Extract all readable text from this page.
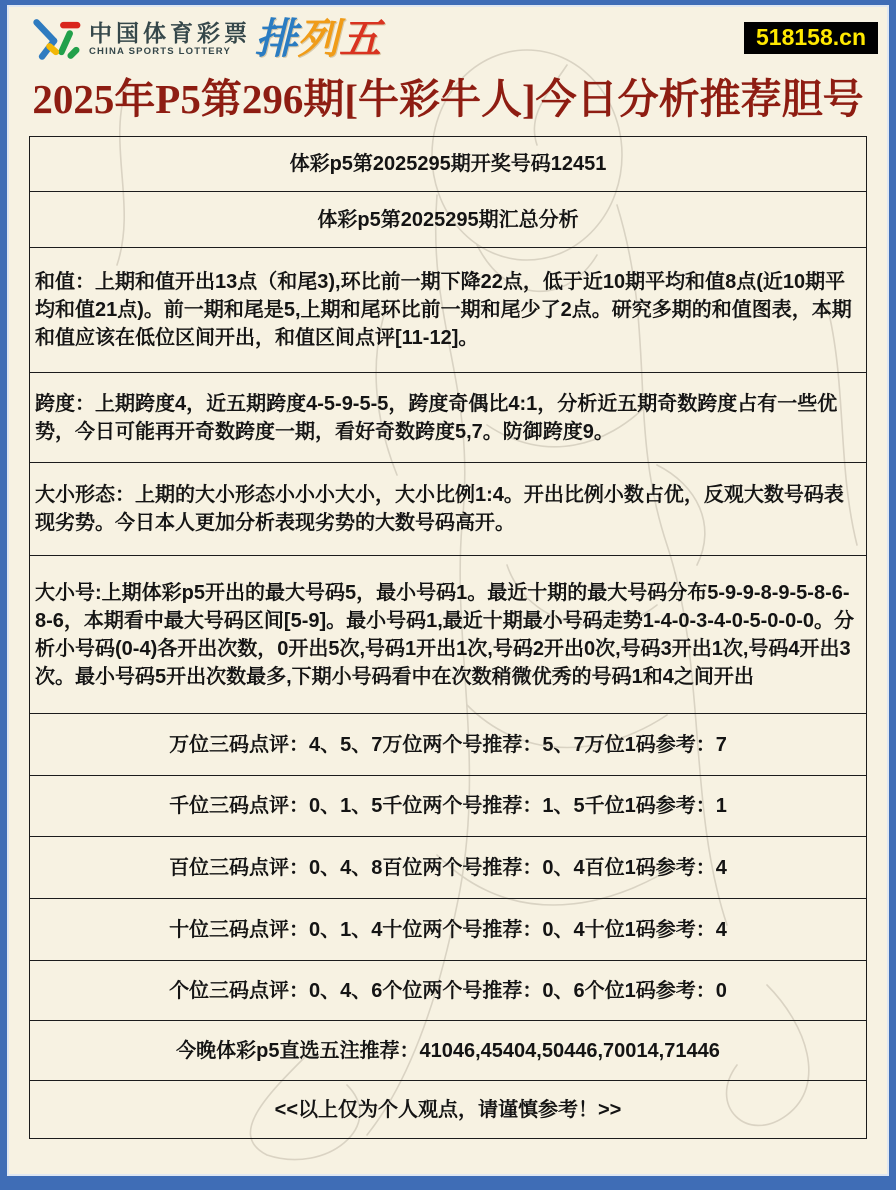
中国体育彩票
CHINA SPORTS LOTTERY 排列五	518158.cn
2025年P5第296期[牛彩牛人]今日分析推荐胆号
体彩p5第2025295期开奖号码12451
体彩p5第2025295期汇总分析
和值：上期和值开出13点（和尾3),环比前一期下降22点，低于近10期平均和值8点(近10期平均和值21点)。前一期和尾是5,上期和尾环比前一期和尾少了2点。研究多期的和值图表，本期和值应该在低位区间开出，和值区间点评[11-12]。
跨度：上期跨度4，近五期跨度4-5-9-5-5，跨度奇偶比4:1，分析近五期奇数跨度占有一些优势，今日可能再开奇数跨度一期，看好奇数跨度5,7。防御跨度9。
大小形态：上期的大小形态小小小大小，大小比例1:4。开出比例小数占优，反观大数号码表现劣势。今日本人更加分析表现劣势的大数号码高开。
大小号:上期体彩p5开出的最大号码5，最小号码1。最近十期的最大号码分布5-9-9-8-9-5-8-6-8-6，本期看中最大号码区间[5-9]。最小号码1,最近十期最小号码走势1-4-0-3-4-0-5-0-0-0。分析小号码(0-4)各开出次数，0开出5次,号码1开出1次,号码2开出0次,号码3开出1次,号码4开出3次。最小号码5开出次数最多,下期小号码看中在次数稍微优秀的号码1和4之间开出
万位三码点评：4、5、7万位两个号推荐：5、7万位1码参考：7
千位三码点评：0、1、5千位两个号推荐：1、5千位1码参考：1
百位三码点评：0、4、8百位两个号推荐：0、4百位1码参考：4
十位三码点评：0、1、4十位两个号推荐：0、4十位1码参考：4
个位三码点评：0、4、6个位两个号推荐：0、6个位1码参考：0
今晚体彩p5直选五注推荐：41046,45404,50446,70014,71446
<<以上仅为个人观点，请谨慎参考！>>
